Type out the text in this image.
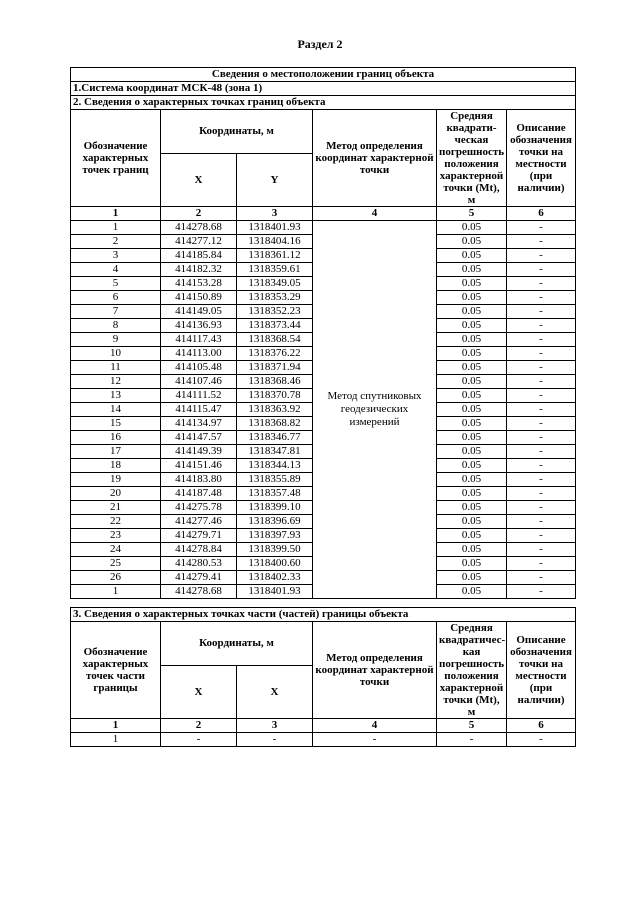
Раздел 2
Сведения о местоположении границ объекта					
1.Система координат МСК-48 (зона 1)					
2. Сведения о характерных точках границ объекта					
Обозначение характерных точек границ	Координаты, м		Метод определения координат характерной точки	Средняя квадрати-ческая погрешность положения характерной точки (Mt), м	Описание обозначения точки на местности (при наличии)
	X	Y			
1	2	3	4	5	6
1	414278.68	1318401.93	Метод спутниковых геодезических измерений	0.05	-
2	414277.12	1318404.16		0.05	-
3	414185.84	1318361.12		0.05	-
4	414182.32	1318359.61		0.05	-
5	414153.28	1318349.05		0.05	-
6	414150.89	1318353.29		0.05	-
7	414149.05	1318352.23		0.05	-
8	414136.93	1318373.44		0.05	-
9	414117.43	1318368.54		0.05	-
10	414113.00	1318376.22		0.05	-
11	414105.48	1318371.94		0.05	-
12	414107.46	1318368.46		0.05	-
13	414111.52	1318370.78		0.05	-
14	414115.47	1318363.92		0.05	-
15	414134.97	1318368.82		0.05	-
16	414147.57	1318346.77		0.05	-
17	414149.39	1318347.81		0.05	-
18	414151.46	1318344.13		0.05	-
19	414183.80	1318355.89		0.05	-
20	414187.48	1318357.48		0.05	-
21	414275.78	1318399.10		0.05	-
22	414277.46	1318396.69		0.05	-
23	414279.71	1318397.93		0.05	-
24	414278.84	1318399.50		0.05	-
25	414280.53	1318400.60		0.05	-
26	414279.41	1318402.33		0.05	-
1	414278.68	1318401.93		0.05	-
3. Сведения о характерных точках части (частей) границы объекта					
Обозначение характерных точек части границы	Координаты, м		Метод определения координат характерной точки	Средняя квадратичес-кая погрешность положения характерной точки (Mt), м	Описание обозначения точки на местности (при наличии)
	X	X			
1	2	3	4	5	6
1	-	-	-	-	-
